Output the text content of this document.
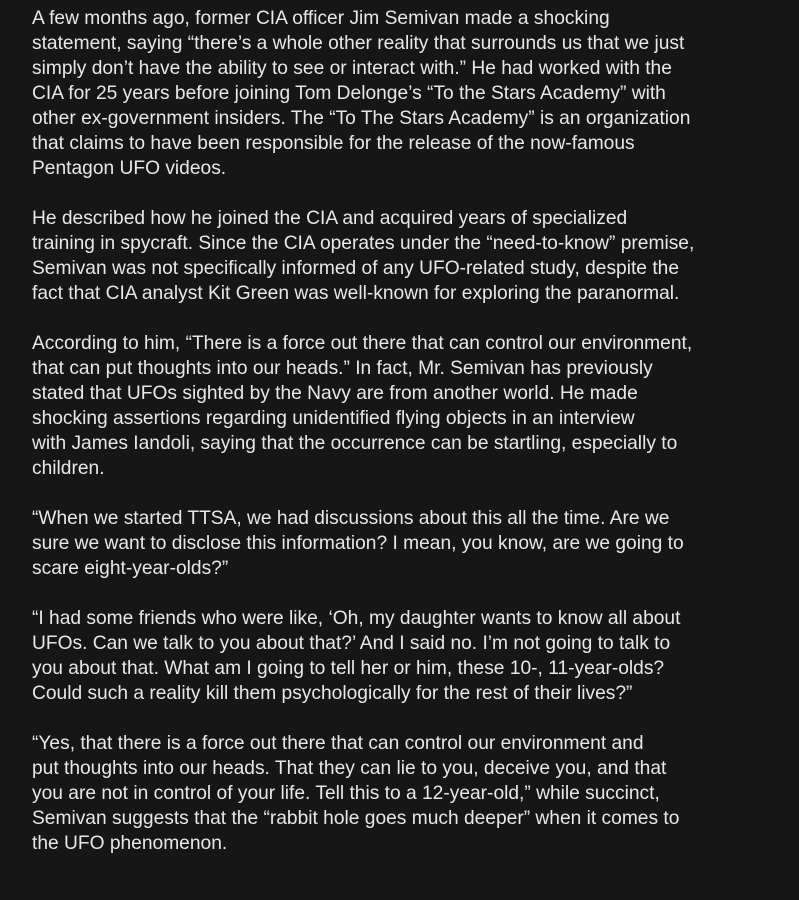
A few months ago, former CIA officer Jim Semivan made a shocking
statement, saying “there’s a whole other reality that surrounds us that we just
simply don’t have the ability to see or interact with.” He had worked with the
CIA for 25 years before joining Tom Delonge’s “To the Stars Academy” with
other ex-government insiders. The “To The Stars Academy” is an organization
that claims to have been responsible for the release of the now-famous
Pentagon UFO videos.

He described how he joined the CIA and acquired years of specialized
training in spycraft. Since the CIA operates under the “need-to-know” premise,
Semivan was not specifically informed of any UFO-related study, despite the
fact that CIA analyst Kit Green was well-known for exploring the paranormal.

According to him, “There is a force out there that can control our environment,
that can put thoughts into our heads.” In fact, Mr. Semivan has previously
stated that UFOs sighted by the Navy are from another world. He made
shocking assertions regarding unidentified flying objects in an interview
with James Iandoli, saying that the occurrence can be startling, especially to
children.

“When we started TTSA, we had discussions about this all the time. Are we
sure we want to disclose this information? I mean, you know, are we going to
scare eight-year-olds?”

“I had some friends who were like, ‘Oh, my daughter wants to know all about
UFOs. Can we talk to you about that?’ And I said no. I’m not going to talk to
you about that. What am I going to tell her or him, these 10-, 11-year-olds?
Could such a reality kill them psychologically for the rest of their lives?”

“Yes, that there is a force out there that can control our environment and
put thoughts into our heads. That they can lie to you, deceive you, and that
you are not in control of your life. Tell this to a 12-year-old,” while succinct,
Semivan suggests that the “rabbit hole goes much deeper” when it comes to
the UFO phenomenon.
